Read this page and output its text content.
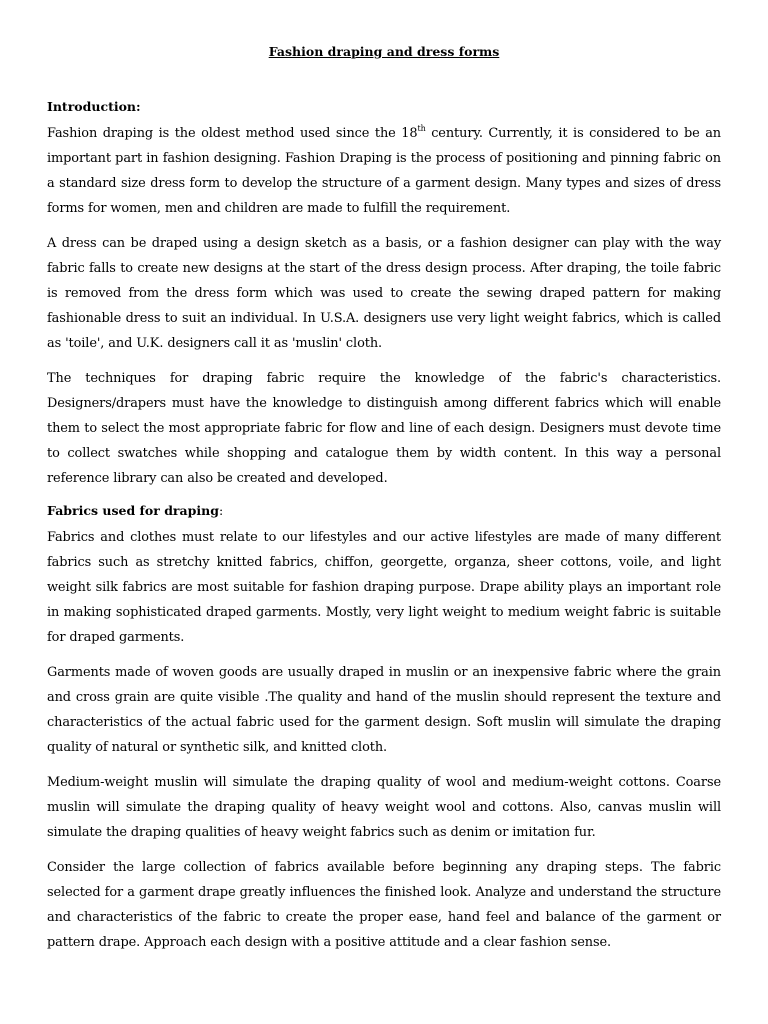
Fashion draping and dress forms
Introduction:

Fashion draping is the oldest method used since the 18th century. Currently, it is considered to be an important part in fashion designing. Fashion Draping is the process of positioning and pinning fabric on a standard size dress form to develop the structure of a garment design. Many types and sizes of dress forms for women, men and children are made to fulfill the requirement.

A dress can be draped using a design sketch as a basis, or a fashion designer can play with the way fabric falls to create new designs at the start of the dress design process. After draping, the toile fabric is removed from the dress form which was used to create the sewing draped pattern for making fashionable dress to suit an individual. In U.S.A. designers use very light weight fabrics, which is called as 'toile', and U.K. designers call it as 'muslin' cloth.

The techniques for draping fabric require the knowledge of the fabric's characteristics. Designers/drapers must have the knowledge to distinguish among different fabrics which will enable them to select the most appropriate fabric for flow and line of each design. Designers must devote time to collect swatches while shopping and catalogue them by width content. In this way a personal reference library can also be created and developed.

Fabrics used for draping:

Fabrics and clothes must relate to our lifestyles and our active lifestyles are made of many different fabrics such as stretchy knitted fabrics, chiffon, georgette, organza, sheer cottons, voile, and light weight silk fabrics are most suitable for fashion draping purpose. Drape ability plays an important role in making sophisticated draped garments. Mostly, very light weight to medium weight fabric is suitable for draped garments.

Garments made of woven goods are usually draped in muslin or an inexpensive fabric where the grain and cross grain are quite visible .The quality and hand of the muslin should represent the texture and characteristics of the actual fabric used for the garment design. Soft muslin will simulate the draping quality of natural or synthetic silk, and knitted cloth.

Medium-weight muslin will simulate the draping quality of wool and medium-weight cottons. Coarse muslin will simulate the draping quality of heavy weight wool and cottons. Also, canvas muslin will simulate the draping qualities of heavy weight fabrics such as denim or imitation fur.

Consider the large collection of fabrics available before beginning any draping steps. The fabric selected for a garment drape greatly influences the finished look. Analyze and understand the structure and characteristics of the fabric to create the proper ease, hand feel and balance of the garment or pattern drape. Approach each design with a positive attitude and a clear fashion sense.
